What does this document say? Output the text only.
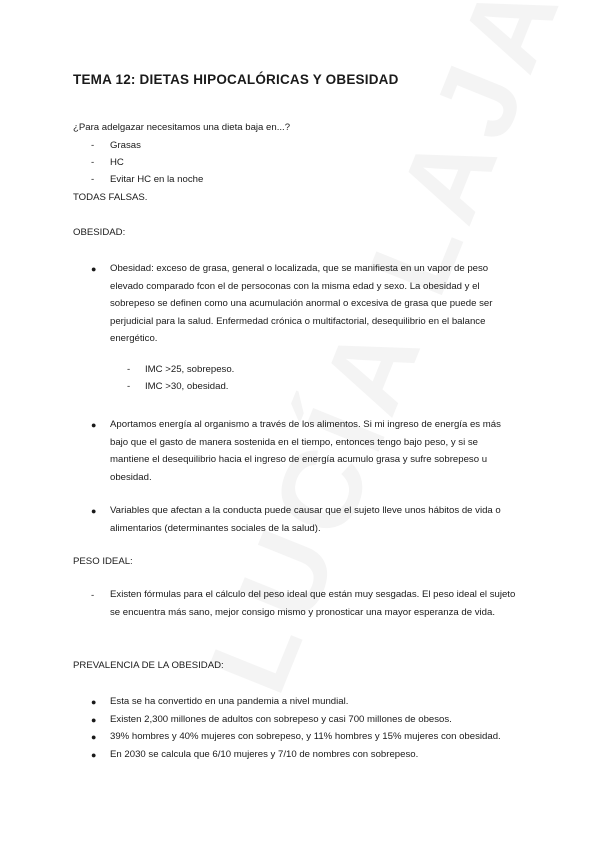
TEMA 12: DIETAS HIPOCALÓRICAS Y OBESIDAD
¿Para adelgazar necesitamos una dieta baja en...?
- Grasas
- HC
- Evitar HC en la noche
TODAS FALSAS.
OBESIDAD:
● Obesidad: exceso de grasa, general o localizada, que se manifiesta en un vapor de peso elevado comparado fcon el de persoconas con la misma edad y sexo. La obesidad y el sobrepeso se definen como una acumulación anormal o excesiva de grasa que puede ser perjudicial para la salud. Enfermedad crónica o multifactorial, desequilibrio en el balance energético.
- IMC >25, sobrepeso.
- IMC >30, obesidad.
● Aportamos energía al organismo a través de los alimentos. Si mi ingreso de energía es más bajo que el gasto de manera sostenida en el tiempo, entonces tengo bajo peso, y si se mantiene el desequilibrio hacia el ingreso de energía acumulo grasa y sufre sobrepeso u obesidad.
● Variables que afectan a la conducta puede causar que el sujeto lleve unos hábitos de vida o alimentarios (determinantes sociales de la salud).
PESO IDEAL:
- Existen fórmulas para el cálculo del peso ideal que están muy sesgadas. El peso ideal el sujeto se encuentra más sano, mejor consigo mismo y pronosticar una mayor esperanza de vida.
PREVALENCIA DE LA OBESIDAD:
● Esta se ha convertido en una pandemia a nivel mundial.
● Existen 2,300 millones de adultos con sobrepeso y casi 700 millones de obesos.
● 39% hombres y 40% mujeres con sobrepeso, y 11% hombres y 15% mujeres con obesidad.
● En 2030 se calcula que 6/10 mujeres y 7/10 de nombres con sobrepeso.
